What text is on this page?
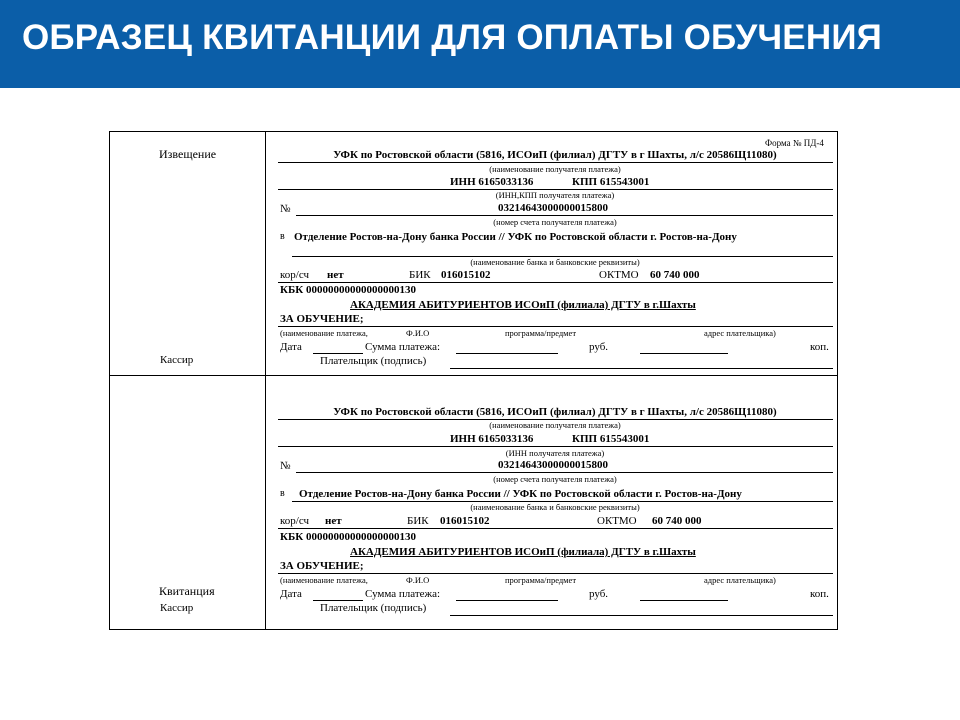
ОБРАЗЕЦ КВИТАНЦИИ ДЛЯ ОПЛАТЫ ОБУЧЕНИЯ
Извещение
Кассир
Форма № ПД-4
УФК по Ростовской области (5816, ИСОиП (филиал) ДГТУ в г Шахты, л/с 20586Щ11080)
(наименование получателя платежа)
ИНН 6165033136	КПП 615543001
(ИНН,КПП получателя платежа)
№	03214643000000015800
(номер счета получателя платежа)
в Отделение Ростов-на-Дону банка России // УФК по Ростовской области г. Ростов-на-Дону
(наименование банка и банковские реквизиты)
кор/сч нет	БИК 016015102	ОКТМО 60 740 000
КБК 00000000000000000130
АКАДЕМИЯ АБИТУРИЕНТОВ ИСОиП (филиала) ДГТУ в г.Шахты
ЗА ОБУЧЕНИЕ;
(наименование платежа,	Ф.И.О	программа/предмет	адрес плательщика)
Дата	Сумма платежа:	руб.	коп.
Плательщик (подпись)
Квитанция
Кассир
УФК по Ростовской области (5816, ИСОиП (филиал) ДГТУ в г Шахты, л/с 20586Щ11080)
(наименование получателя платежа)
ИНН 6165033136	КПП 615543001
(ИНН получателя платежа)
№	03214643000000015800
(номер счета получателя платежа)
в Отделение Ростов-на-Дону банка России // УФК по Ростовской области г. Ростов-на-Дону
(наименование банка и банковские реквизиты)
кор/сч нет	БИК 016015102	ОКТМО 60 740 000
КБК 00000000000000000130
АКАДЕМИЯ АБИТУРИЕНТОВ ИСОиП (филиала) ДГТУ в г.Шахты
ЗА ОБУЧЕНИЕ;
(наименование платежа,	Ф.И.О	программа/предмет	адрес плательщика)
Дата	Сумма платежа:	руб.	коп.
Плательщик (подпись)
